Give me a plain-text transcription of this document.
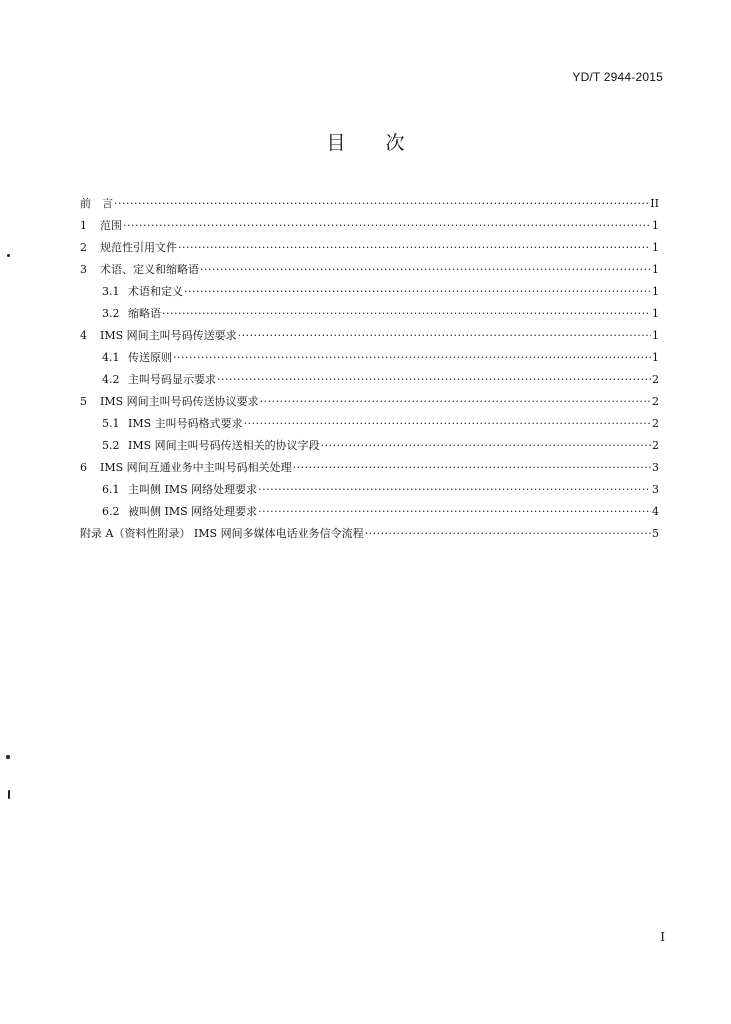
YD/T 2944-2015
目次
前　言 ·····	II
1	范围 ·····	1
2	规范性引用文件 ·····	1
3	术语、定义和缩略语 ·····	1
3.1 术语和定义 ·····	1
3.2 缩略语 ·····	1
4	IMS 网间主叫号码传送要求 ·····	1
4.1 传送原则 ·····	1
4.2 主叫号码显示要求 ·····	2
5	IMS 网间主叫号码传送协议要求 ·····	2
5.1 IMS 主叫号码格式要求 ·····	2
5.2 IMS 网间主叫号码传送相关的协议字段 ·····	2
6	IMS 网间互通业务中主叫号码相关处理 ·····	3
6.1 主叫侧 IMS 网络处理要求 ·····	3
6.2 被叫侧 IMS 网络处理要求 ·····	4
附录 A（资料性附录） IMS 网间多媒体电话业务信令流程 ·····	5
I
